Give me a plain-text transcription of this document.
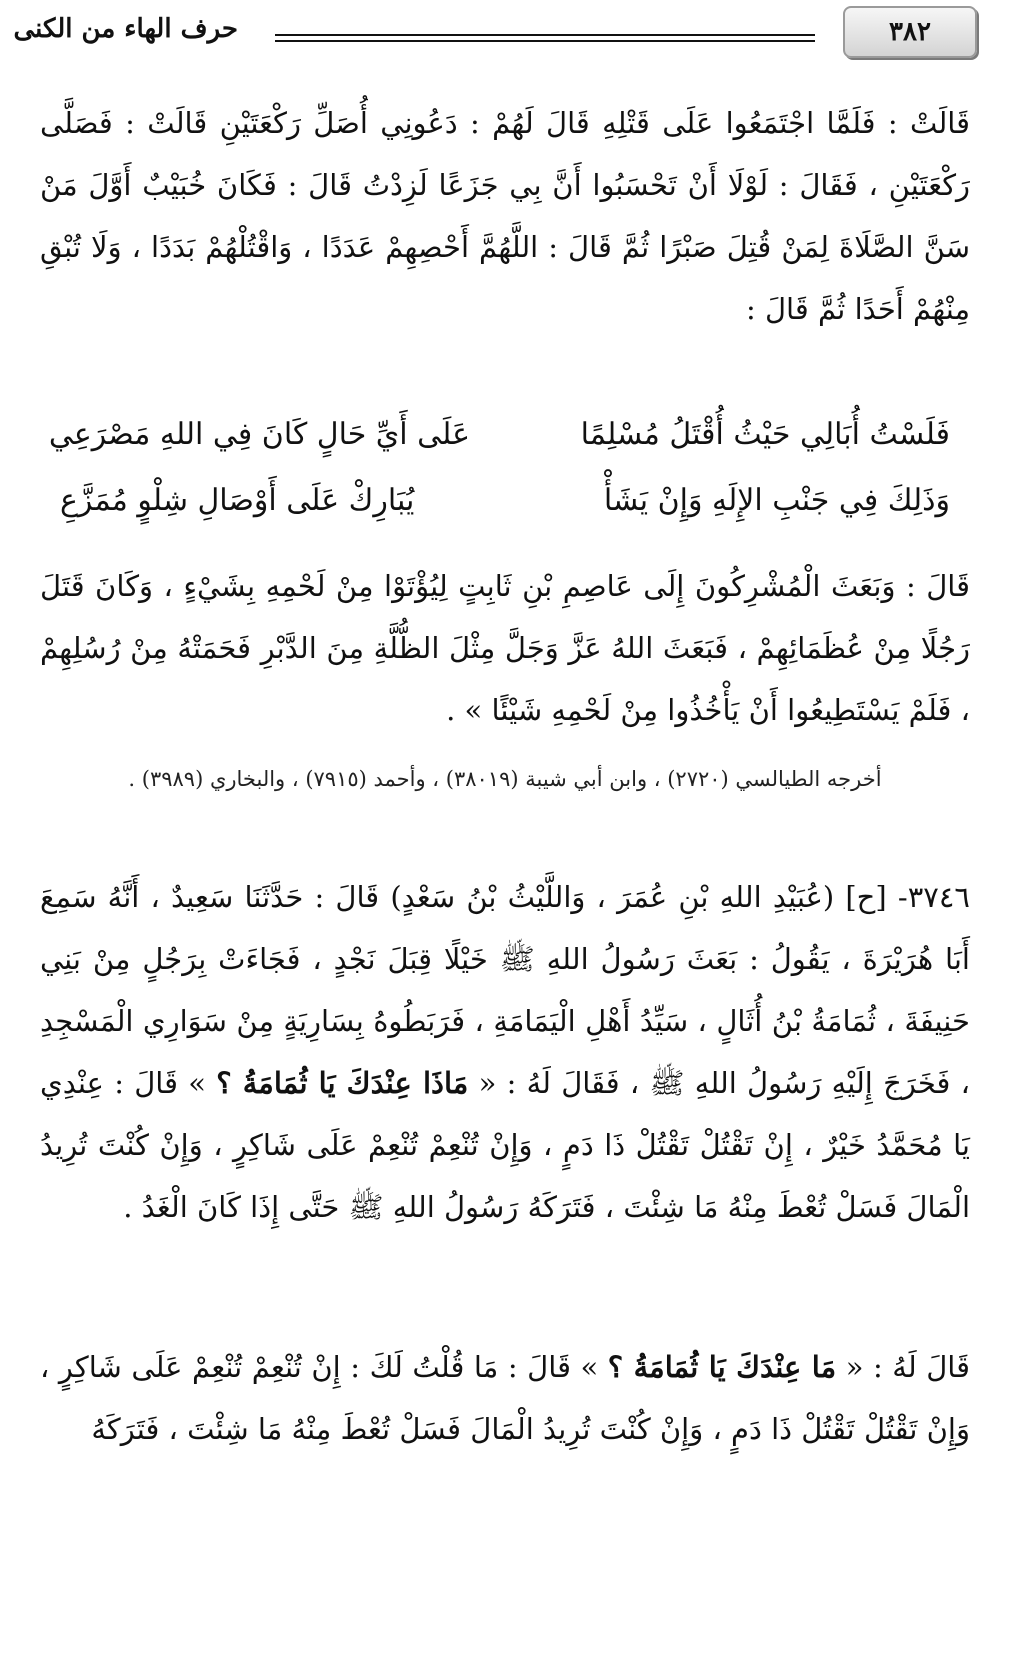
٣٨٢
حرف الهاء من الكنى

قَالَتْ : فَلَمَّا اجْتَمَعُوا عَلَى قَتْلِهِ قَالَ لَهُمْ : دَعُونِي أُصَلِّ رَكْعَتَيْنِ قَالَتْ : فَصَلَّى رَكْعَتَيْنِ ، فَقَالَ : لَوْلَا أَنْ تَحْسَبُوا أَنَّ بِي جَزَعًا لَزِدْتُ قَالَ : فَكَانَ خُبَيْبٌ أَوَّلَ مَنْ سَنَّ الصَّلَاةَ لِمَنْ قُتِلَ صَبْرًا ثُمَّ قَالَ : اللَّهُمَّ أَحْصِهِمْ عَدَدًا ، وَاقْتُلْهُمْ بَدَدًا ، وَلَا تُبْقِ مِنْهُمْ أَحَدًا ثُمَّ قَالَ :

فَلَسْتُ أُبَالِي حَيْثُ أُقْتَلُ مُسْلِمًا
عَلَى أَيِّ حَالٍ كَانَ فِي اللهِ مَصْرَعِي
وَذَلِكَ فِي جَنْبِ الإِلَهِ وَإِنْ يَشَأْ
يُبَارِكْ عَلَى أَوْصَالِ شِلْوٍ مُمَزَّعِ

قَالَ : وَبَعَثَ الْمُشْرِكُونَ إِلَى عَاصِمِ بْنِ ثَابِتٍ لِيُؤْتَوْا مِنْ لَحْمِهِ بِشَيْءٍ ، وَكَانَ قَتَلَ رَجُلًا مِنْ عُظَمَائِهِمْ ، فَبَعَثَ اللهُ عَزَّ وَجَلَّ مِثْلَ الظُّلَّةِ مِنَ الدَّبْرِ فَحَمَتْهُ مِنْ رُسُلِهِمْ ، فَلَمْ يَسْتَطِيعُوا أَنْ يَأْخُذُوا مِنْ لَحْمِهِ شَيْئًا » .

أخرجه الطيالسي (٢٧٢٠) ، وابن أبي شيبة (٣٨٠١٩) ، وأحمد (٧٩١٥) ، والبخاري (٣٩٨٩) .

٣٧٤٦- [ح] (عُبَيْدِ اللهِ بْنِ عُمَرَ ، وَاللَّيْثُ بْنُ سَعْدٍ) قَالَ : حَدَّثَنَا سَعِيدٌ ، أَنَّهُ سَمِعَ أَبَا هُرَيْرَةَ ، يَقُولُ : بَعَثَ رَسُولُ اللهِ ﷺ خَيْلًا قِبَلَ نَجْدٍ ، فَجَاءَتْ بِرَجُلٍ مِنْ بَنِي حَنِيفَةَ ، ثُمَامَةُ بْنُ أُثَالٍ ، سَيِّدُ أَهْلِ الْيَمَامَةِ ، فَرَبَطُوهُ بِسَارِيَةٍ مِنْ سَوَارِي الْمَسْجِدِ ، فَخَرَجَ إِلَيْهِ رَسُولُ اللهِ ﷺ ، فَقَالَ لَهُ : « مَاذَا عِنْدَكَ يَا ثُمَامَةُ ؟ » قَالَ : عِنْدِي يَا مُحَمَّدُ خَيْرٌ ، إِنْ تَقْتُلْ تَقْتُلْ ذَا دَمٍ ، وَإِنْ تُنْعِمْ تُنْعِمْ عَلَى شَاكِرٍ ، وَإِنْ كُنْتَ تُرِيدُ الْمَالَ فَسَلْ تُعْطَ مِنْهُ مَا شِئْتَ ، فَتَرَكَهُ رَسُولُ اللهِ ﷺ حَتَّى إِذَا كَانَ الْغَدُ .

قَالَ لَهُ : « مَا عِنْدَكَ يَا ثُمَامَةُ ؟ » قَالَ : مَا قُلْتُ لَكَ : إِنْ تُنْعِمْ تُنْعِمْ عَلَى شَاكِرٍ ، وَإِنْ تَقْتُلْ تَقْتُلْ ذَا دَمٍ ، وَإِنْ كُنْتَ تُرِيدُ الْمَالَ فَسَلْ تُعْطَ مِنْهُ مَا شِئْتَ ، فَتَرَكَهُ
